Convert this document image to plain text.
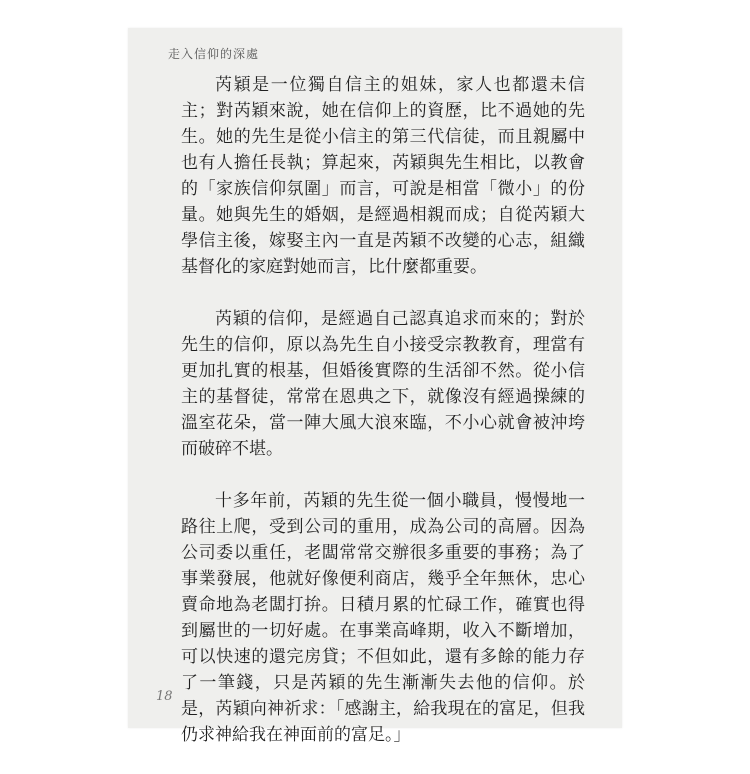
走入信仰的深處

芮穎是一位獨自信主的姐妹，家人也都還未信主；對芮穎來說，她在信仰上的資歷，比不過她的先生。她的先生是從小信主的第三代信徒，而且親屬中也有人擔任長執；算起來，芮穎與先生相比，以教會的「家族信仰氛圍」而言，可說是相當「微小」的份量。她與先生的婚姻，是經過相親而成；自從芮穎大學信主後，嫁娶主內一直是芮穎不改變的心志，組織基督化的家庭對她而言，比什麼都重要。

芮穎的信仰，是經過自己認真追求而來的；對於先生的信仰，原以為先生自小接受宗教教育，理當有更加扎實的根基，但婚後實際的生活卻不然。從小信主的基督徒，常常在恩典之下，就像沒有經過操練的溫室花朵，當一陣大風大浪來臨，不小心就會被沖垮而破碎不堪。

十多年前，芮穎的先生從一個小職員，慢慢地一路往上爬，受到公司的重用，成為公司的高層。因為公司委以重任，老闆常常交辦很多重要的事務；為了事業發展，他就好像便利商店，幾乎全年無休，忠心賣命地為老闆打拚。日積月累的忙碌工作，確實也得到屬世的一切好處。在事業高峰期，收入不斷增加，可以快速的還完房貸；不但如此，還有多餘的能力存了一筆錢，只是芮穎的先生漸漸失去他的信仰。於是，芮穎向神祈求：「感謝主，給我現在的富足，但我仍求神給我在神面前的富足。」

18
